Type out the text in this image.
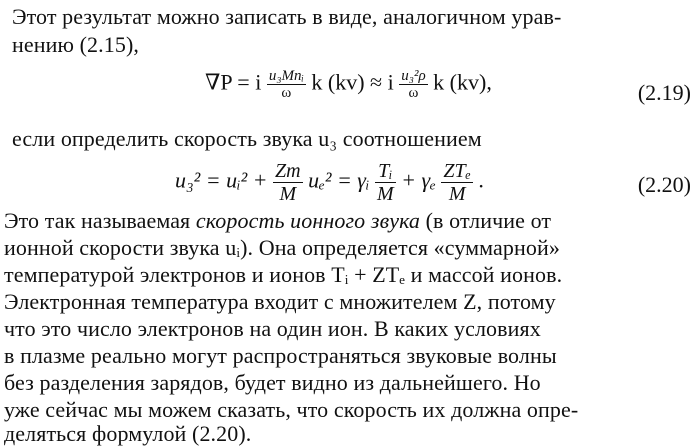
Этот результат можно записать в виде, аналогичном урав-
нению (2.15),
∇P = i $\frac{\text{u₃Mnᵢ}}{\omega}$ k (kv) ≈ i $\frac{\text{u₃²ρ}}{\omega}$ k (kv),	(2.19)
если определить скорость звука u₃ соотношением
u₃² = uᵢ² + $\frac{Zm}{M} u_e^2$ = γᵢ $\frac{\text{Tᵢ}}{M} + \gamma_e \frac{\text{ZTₑ}}{M}$ .	(2.20)
Это так называемая скорость ионного звука (в отличие от
ионной скорости звука uᵢ). Она определяется «суммарной»
температурой электронов и ионов Tᵢ + ZTₑ и массой ионов.
Электронная температура входит с множителем Z, потому
что это число электронов на один ион. В каких условиях
в плазме реально могут распространяться звуковые волны
без разделения зарядов, будет видно из дальнейшего. Но
уже сейчас мы можем сказать, что скорость их должна опре-
деляться формулой (2.20).
